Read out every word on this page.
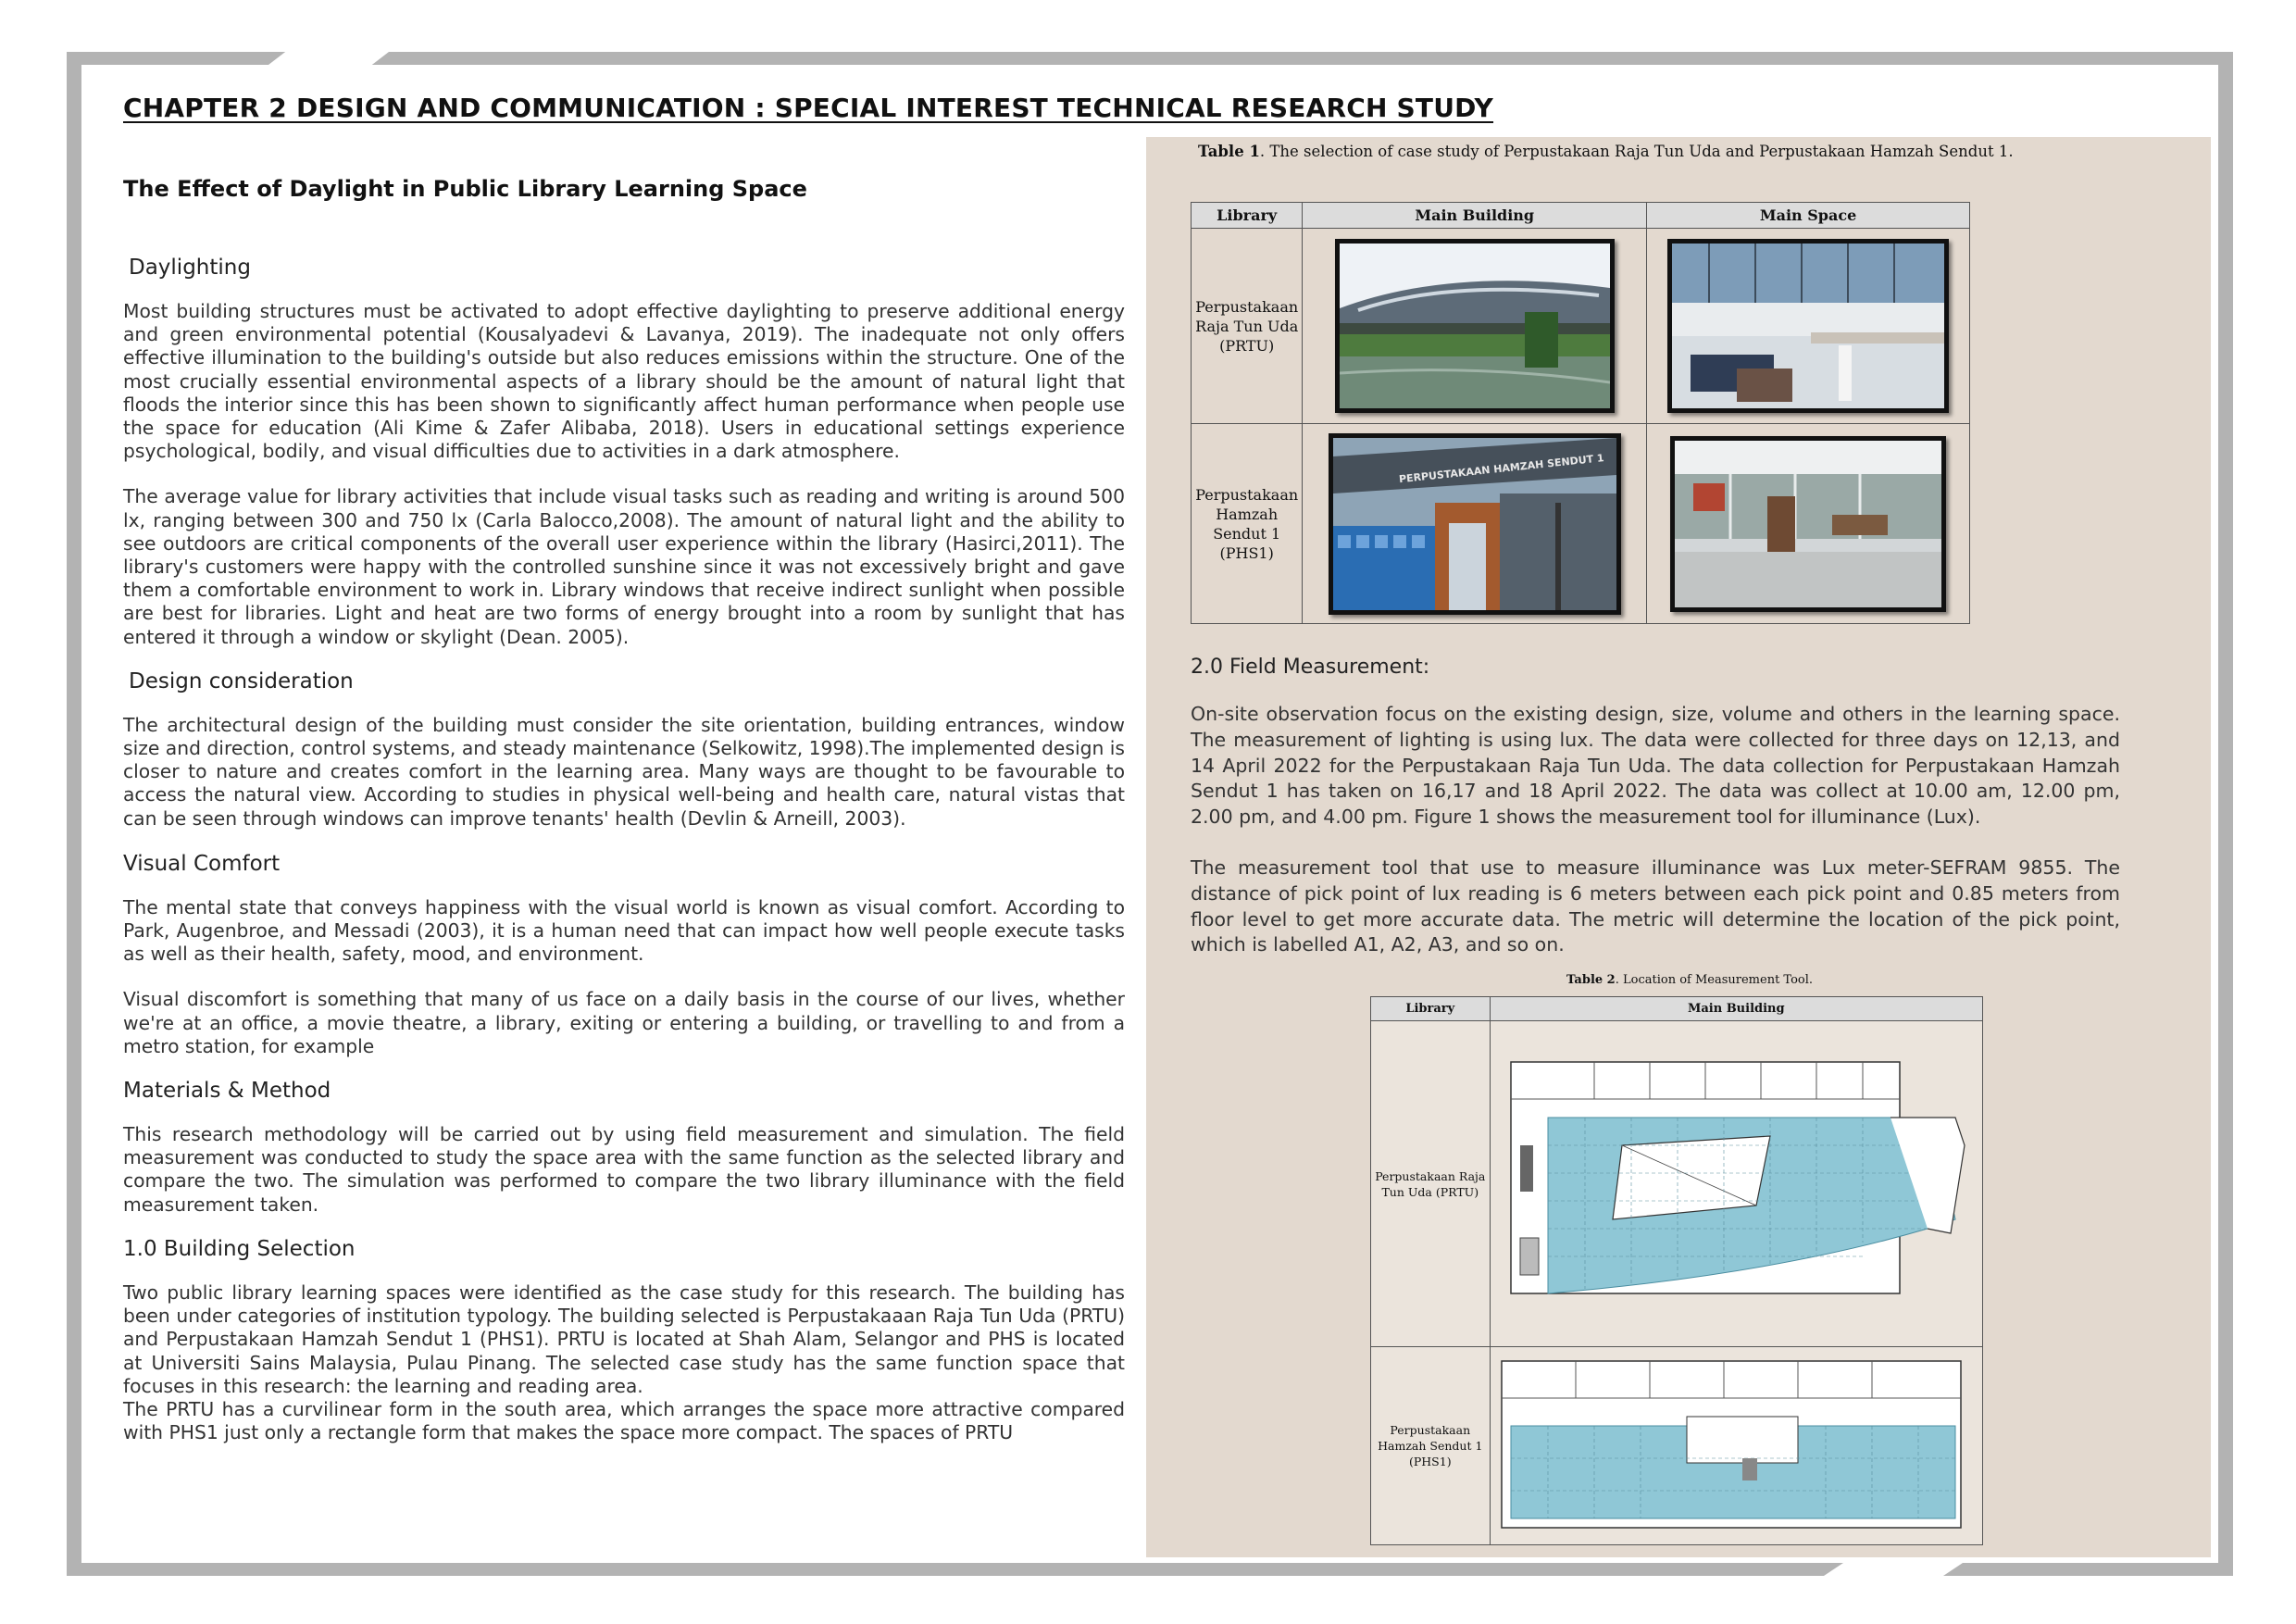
CHAPTER 2 DESIGN AND COMMUNICATION : SPECIAL INTEREST TECHNICAL RESEARCH STUDY

The Effect of Daylight in Public Library Learning Space

Daylighting

Most building structures must be activated to adopt effective daylighting to preserve additional energy and green environmental potential (Kousalyadevi & Lavanya, 2019). The inadequate not only offers effective illumination to the building's outside but also reduces emissions within the structure. One of the most crucially essential environmental aspects of a library should be the amount of natural light that floods the interior since this has been shown to significantly affect human performance when people use the space for education (Ali Kime & Zafer Alibaba, 2018). Users in educational settings experience psychological, bodily, and visual difficulties due to activities in a dark atmosphere.

The average value for library activities that include visual tasks such as reading and writing is around 500 lx, ranging between 300 and 750 lx (Carla Balocco,2008). The amount of natural light and the ability to see outdoors are critical components of the overall user experience within the library (Hasirci,2011). The library's customers were happy with the controlled sunshine since it was not excessively bright and gave them a comfortable environment to work in. Library windows that receive indirect sunlight when possible are best for libraries. Light and heat are two forms of energy brought into a room by sunlight that has entered it through a window or skylight (Dean. 2005).

Design consideration

The architectural design of the building must consider the site orientation, building entrances, window size and direction, control systems, and steady maintenance (Selkowitz, 1998).The implemented design is closer to nature and creates comfort in the learning area. Many ways are thought to be favourable to access the natural view. According to studies in physical well-being and health care, natural vistas that can be seen through windows can improve tenants' health (Devlin & Arneill, 2003).

Visual Comfort

The mental state that conveys happiness with the visual world is known as visual comfort. According to Park, Augenbroe, and Messadi (2003), it is a human need that can impact how well people execute tasks as well as their health, safety, mood, and environment.

Visual discomfort is something that many of us face on a daily basis in the course of our lives, whether we're at an office, a movie theatre, a library, exiting or entering a building, or travelling to and from a metro station, for example

Materials & Method

This research methodology will be carried out by using field measurement and simulation. The field measurement was conducted to study the space area with the same function as the selected library and compare the two. The simulation was performed to compare the two library illuminance with the field measurement taken.

1.0 Building Selection

Two public library learning spaces were identified as the case study for this research. The building has been under categories of institution typology. The building selected is Perpustakaaan Raja Tun Uda (PRTU) and Perpustakaan Hamzah Sendut 1 (PHS1). PRTU is located at Shah Alam, Selangor and PHS is located at Universiti Sains Malaysia, Pulau Pinang. The selected case study has the same function space that focuses in this research: the learning and reading area.

The PRTU has a curvilinear form in the south area, which arranges the space more attractive compared with PHS1 just only a rectangle form that makes the space more compact. The spaces of PRTU

Table 1. The selection of case study of Perpustakaan Raja Tun Uda and Perpustakaan Hamzah Sendut 1.
Library	Main Building	Main Space
Perpustakaan Raja Tun Uda (PRTU)	

Perpustakaan Hamzah Sendut 1 (PHS1)	PERPUSTAKAAN HAMZAH SENDUT 1

2.0 Field Measurement:

On-site observation focus on the existing design, size, volume and others in the learning space. The measurement of lighting is using lux. The data were collected for three days on 12,13, and 14 April 2022 for the Perpustakaan Raja Tun Uda. The data collection for Perpustakaan Hamzah Sendut 1 has taken on 16,17 and 18 April 2022. The data was collect at 10.00 am, 12.00 pm, 2.00 pm, and 4.00 pm. Figure 1 shows the measurement tool for illuminance (Lux).

The measurement tool that use to measure illuminance was Lux meter-SEFRAM 9855. The distance of pick point of lux reading is 6 meters between each pick point and 0.85 meters from floor level to get more accurate data. The metric will determine the location of the pick point, which is labelled A1, A2, A3, and so on.

Table 2. Location of Measurement Tool.
Library	Main Building
Perpustakaan Raja Tun Uda (PRTU)	
Perpustakaan Hamzah Sendut 1 (PHS1)	
